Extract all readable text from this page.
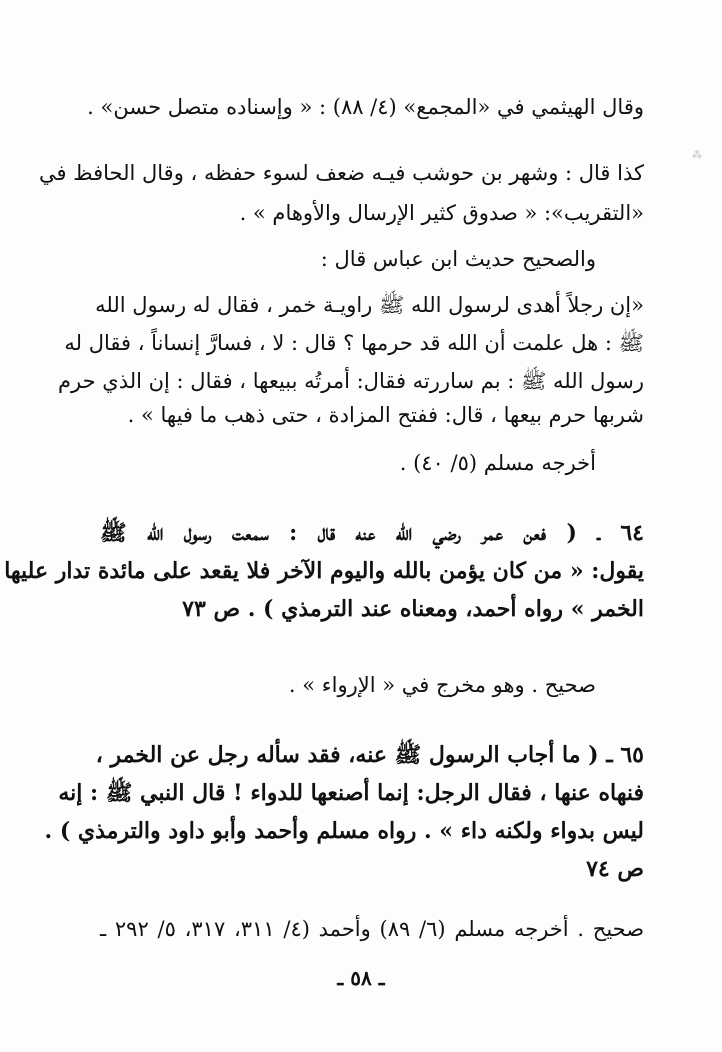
⁂
وقال الهيثمي في «المجمع» (٤/ ٨٨) : « وإسناده متصل حسن» .
كذا قال : وشهر بن حوشب فيـه ضعف لسوء حفظه ، وقال الحافظ في
«التقريب»: « صدوق كثير الإرسال والأوهام » .
والصحيح حديث ابن عباس قال :
«إن رجلاً أهدى لرسول الله ﷺ راويـة خمر ، فقال له رسول الله
ﷺ : هل علمت أن الله قد حرمها ؟ قال : لا ، فسارَّ إنساناً ، فقال له
رسول الله ﷺ : بم ساررته فقال: أمرتُه ببيعها ، فقال : إن الذي حرم
شربها حرم بيعها ، قال: ففتح المزادة ، حتى ذهب ما فيها » .
أخرجه مسلم (٥/ ٤٠) .
٦٤ ـ ( فعن عمر رضي الله عنه قال : سمعت رسول الله ﷺ
يقول: « من كان يؤمن بالله واليوم الآخر فلا يقعد على مائدة تدار عليها
الخمر » رواه أحمد، ومعناه عند الترمذي ) . ص ٧٣
صحيح . وهو مخرج في « الإرواء » .
٦٥ ـ ( ما أجاب الرسول ﷺ عنه، فقد سأله رجل عن الخمر ،
فنهاه عنها ، فقال الرجل: إنما أصنعها للدواء ! قال النبي ﷺ : إنه
ليس بدواء ولكنه داء » . رواه مسلم وأحمد وأبو داود والترمذي ) .
ص ٧٤
صحيح . أخرجه مسلم (٦/ ٨٩) وأحمد (٤/ ٣١١، ٣١٧، ٥/ ٢٩٢ ـ
ـ ٥٨ ـ
